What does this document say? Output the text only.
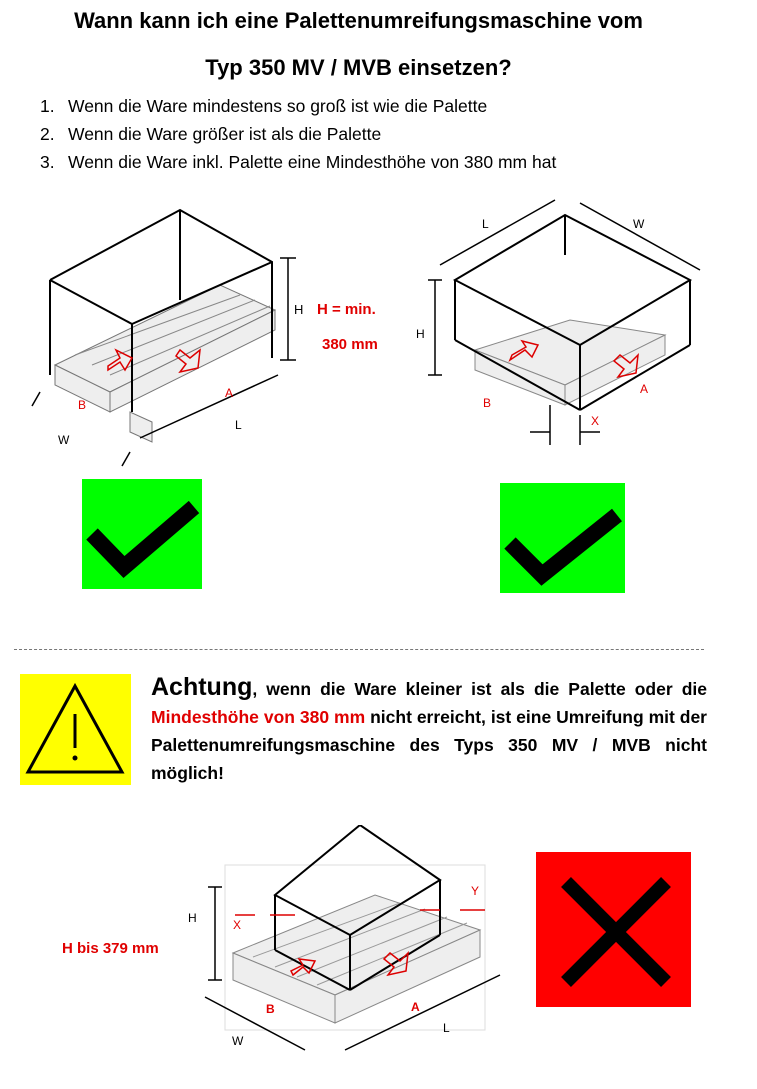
Wann kann ich eine Palettenumreifungsmaschine vom
Typ 350 MV / MVB einsetzen?
1. Wenn die Ware mindestens so groß ist wie die Palette
2. Wenn die Ware größer ist als die Palette
3. Wenn die Ware inkl. Palette eine Mindesthöhe von 380 mm hat
H H = min.
380 mm
B
A
W
L
L	W
H
B
A
X
Achtung, wenn die Ware kleiner ist als die Palette oder die Mindesthöhe von 380 mm nicht erreicht, ist eine Umreifung mit der Palettenumreifungsmaschine des Typs 350 MV / MVB nicht möglich!
H
H bis 379 mm
X
Y
B	A
W
L
